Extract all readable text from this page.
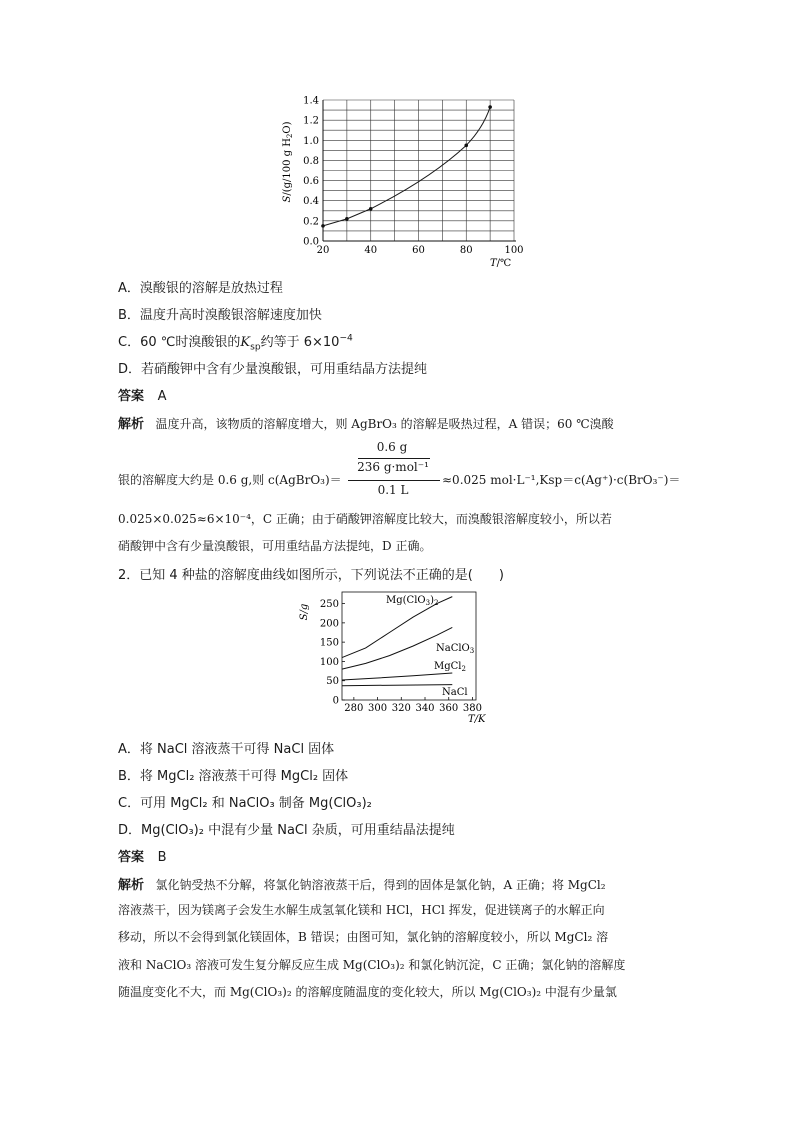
0.0
0.2
0.4
0.6
0.8
1.0
1.2
1.4
20	40	60	80	100
S/(g/100 g $H_2O$)
T/℃
A．溴酸银的溶解是放热过程
B．温度升高时溴酸银溶解速度加快
C．60 ℃时溴酸银的$K_{sp}$约等于 $6\times 10^{-4}$
D．若硝酸钾中含有少量溴酸银，可用重结晶方法提纯
答案 A
解析 温度升高，该物质的溶解度增大，则 AgBrO₃ 的溶解是吸热过程，A 错误；60 ℃溴酸
银的溶解度大约是 0.6 g,则 c(AgBrO₃)＝
0.6 g
236 g·mol⁻¹
0.1 L
≈0.025 mol·L⁻¹,Ksp＝c(Ag⁺)·c(BrO₃⁻)＝
0.025×0.025≈6×10⁻⁴，C 正确；由于硝酸钾溶解度比较大，而溴酸银溶解度较小，所以若
硝酸钾中含有少量溴酸银，可用重结晶方法提纯，D 正确。
2．已知 4 种盐的溶解度曲线如图所示，下列说法不正确的是(　　)
0
50
100
150
200
250
280 300 320 340 360 380
S/g
T/K
$Mg(ClO_3)_2$
NaClO$_3$
MgCl$_2$
NaCl
A．将 NaCl 溶液蒸干可得 NaCl 固体
B．将 MgCl₂ 溶液蒸干可得 MgCl₂ 固体
C．可用 MgCl₂ 和 NaClO₃ 制备 Mg(ClO₃)₂
D．Mg(ClO₃)₂ 中混有少量 NaCl 杂质，可用重结晶法提纯
答案 B
解析 氯化钠受热不分解，将氯化钠溶液蒸干后，得到的固体是氯化钠，A 正确；将 MgCl₂
溶液蒸干，因为镁离子会发生水解生成氢氧化镁和 HCl，HCl 挥发，促进镁离子的水解正向
移动，所以不会得到氯化镁固体，B 错误；由图可知，氯化钠的溶解度较小，所以 MgCl₂ 溶
液和 NaClO₃ 溶液可发生复分解反应生成 Mg(ClO₃)₂ 和氯化钠沉淀，C 正确；氯化钠的溶解度
随温度变化不大，而 Mg(ClO₃)₂ 的溶解度随温度的变化较大，所以 Mg(ClO₃)₂ 中混有少量氯
